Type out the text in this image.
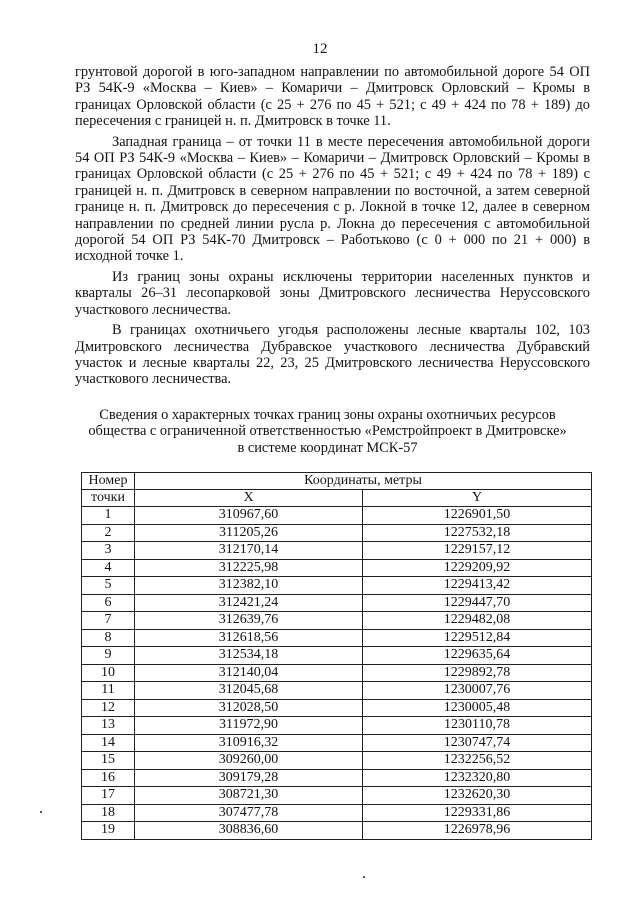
12

грунтовой дорогой в юго-западном направлении по автомобильной дороге 54 ОП РЗ 54К-9 «Москва – Киев» – Комаричи – Дмитровск Орловский – Кромы в границах Орловской области (с 25 + 276 по 45 + 521; с 49 + 424 по 78 + 189) до пересечения с границей н. п. Дмитровск в точке 11.

Западная граница – от точки 11 в месте пересечения автомобильной дороги 54 ОП РЗ 54К-9 «Москва – Киев» – Комаричи – Дмитровск Орловский – Кромы в границах Орловской области (с 25 + 276 по 45 + 521; с 49 + 424 по 78 + 189) с границей н. п. Дмитровск в северном направлении по восточной, а затем северной границе н. п. Дмитровск до пересечения с р. Локной в точке 12, далее в северном направлении по средней линии русла р. Локна до пересечения с автомобильной дорогой 54 ОП РЗ 54К-70 Дмитровск – Работьково (с 0 + 000 по 21 + 000) в исходной точке 1.

Из границ зоны охраны исключены территории населенных пунктов и кварталы 26–31 лесопарковой зоны Дмитровского лесничества Неруссовского участкового лесничества.

В границах охотничьего угодья расположены лесные кварталы 102, 103 Дмитровского лесничества Дубравское участкового лесничества Дубравский участок и лесные кварталы 22, 23, 25 Дмитровского лесничества Неруссовского участкового лесничества.

Сведения о характерных точках границ зоны охраны охотничьих ресурсов
общества с ограниченной ответственностью «Ремстройпроект в Дмитровске»
в системе координат МСК-57
Номер	Координаты, метры	
точки	X	Y
1	310967,60	1226901,50
2	311205,26	1227532,18
3	312170,14	1229157,12
4	312225,98	1229209,92
5	312382,10	1229413,42
6	312421,24	1229447,70
7	312639,76	1229482,08
8	312618,56	1229512,84
9	312534,18	1229635,64
10	312140,04	1229892,78
11	312045,68	1230007,76
12	312028,50	1230005,48
13	311972,90	1230110,78
14	310916,32	1230747,74
15	309260,00	1232256,52
16	309179,28	1232320,80
17	308721,30	1232620,30
18	307477,78	1229331,86
19	308836,60	1226978,96
